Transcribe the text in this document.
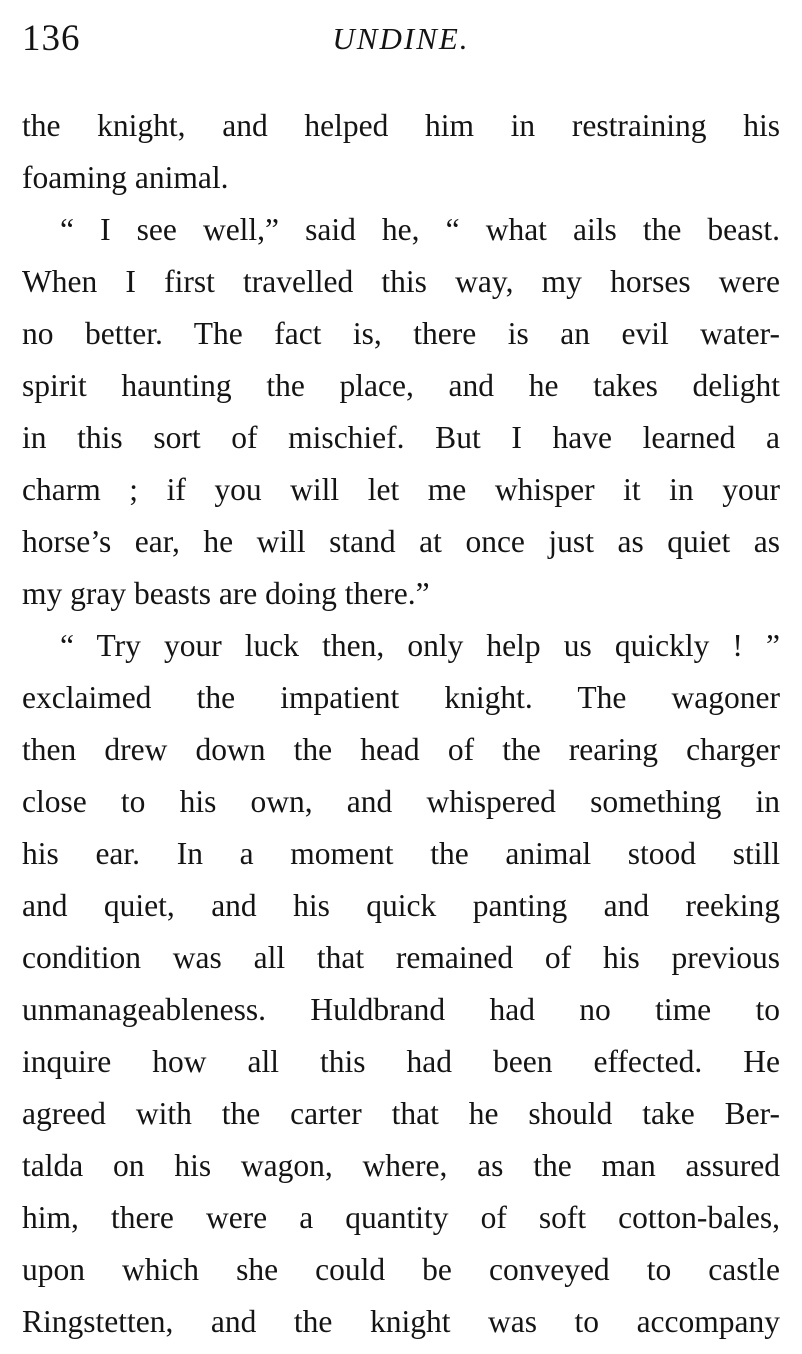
136	UNDINE.
the knight, and helped him in restraining his
foaming animal.
“ I see well,” said he, “ what ails the beast.
When I first travelled this way, my horses were
no better. The fact is, there is an evil water-
spirit haunting the place, and he takes delight
in this sort of mischief. But I have learned a
charm ; if you will let me whisper it in your
horse’s ear, he will stand at once just as quiet as
my gray beasts are doing there.”
“ Try your luck then, only help us quickly ! ”
exclaimed the impatient knight. The wagoner
then drew down the head of the rearing charger
close to his own, and whispered something in
his ear. In a moment the animal stood still
and quiet, and his quick panting and reeking
condition was all that remained of his previous
unmanageableness. Huldbrand had no time to
inquire how all this had been effected. He
agreed with the carter that he should take Ber-
talda on his wagon, where, as the man assured
him, there were a quantity of soft cotton-bales,
upon which she could be conveyed to castle
Ringstetten, and the knight was to accompany
